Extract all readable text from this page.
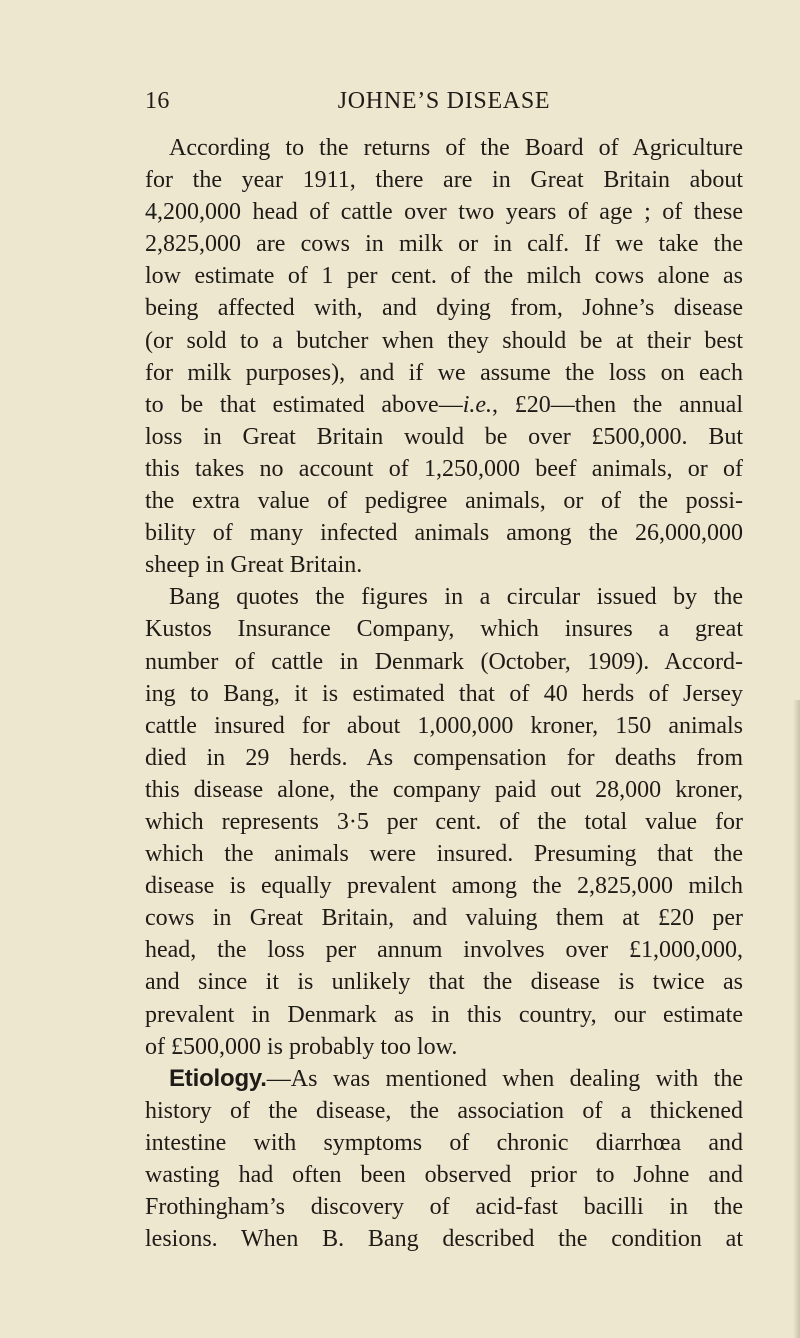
16	JOHNE’S DISEASE
According to the returns of the Board of Agriculture
for the year 1911, there are in Great Britain about
4,200,000 head of cattle over two years of age ; of these
2,825,000 are cows in milk or in calf. If we take the
low estimate of 1 per cent. of the milch cows alone as
being affected with, and dying from, Johne’s disease
(or sold to a butcher when they should be at their best
for milk purposes), and if we assume the loss on each
to be that estimated above—i.e., £20—then the annual
loss in Great Britain would be over £500,000. But
this takes no account of 1,250,000 beef animals, or of
the extra value of pedigree animals, or of the possi-
bility of many infected animals among the 26,000,000
sheep in Great Britain.
Bang quotes the figures in a circular issued by the
Kustos Insurance Company, which insures a great
number of cattle in Denmark (October, 1909). Accord-
ing to Bang, it is estimated that of 40 herds of Jersey
cattle insured for about 1,000,000 kroner, 150 animals
died in 29 herds. As compensation for deaths from
this disease alone, the company paid out 28,000 kroner,
which represents 3·5 per cent. of the total value for
which the animals were insured. Presuming that the
disease is equally prevalent among the 2,825,000 milch
cows in Great Britain, and valuing them at £20 per
head, the loss per annum involves over £1,000,000,
and since it is unlikely that the disease is twice as
prevalent in Denmark as in this country, our estimate
of £500,000 is probably too low.
Etiology.—As was mentioned when dealing with the
history of the disease, the association of a thickened
intestine with symptoms of chronic diarrhœa and
wasting had often been observed prior to Johne and
Frothingham’s discovery of acid-fast bacilli in the
lesions. When B. Bang described the condition at
